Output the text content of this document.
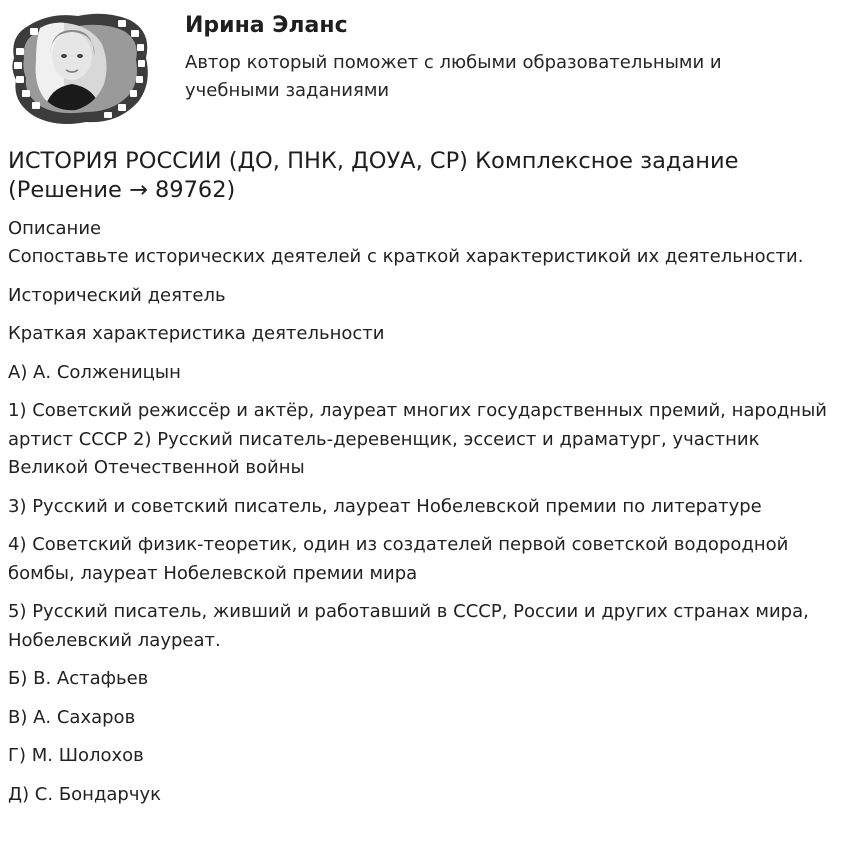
Ирина Эланс
Автор который поможет с любыми образовательными и учебными заданиями
ИСТОРИЯ РОССИИ (ДО, ПНК, ДОУА, СР) Комплексное задание (Решение → 89762)
Описание
Сопоставьте исторических деятелей с краткой характеристикой их деятельности.

Исторический деятель

Краткая характеристика деятельности

А) А. Солженицын

1) Советский режиссёр и актёр, лауреат многих государственных премий, народный артист СССР 2) Русский писатель-деревенщик, эссеист и драматург, участник Великой Отечественной войны

3) Русский и советский писатель, лауреат Нобелевской премии по литературе

4) Советский физик-теоретик, один из создателей первой советской водородной бомбы, лауреат Нобелевской премии мира

5) Русский писатель, живший и работавший в СССР, России и других странах мира, Нобелевский лауреат.

Б) В. Астафьев

В) А. Сахаров

Г) М. Шолохов

Д) С. Бондарчук
